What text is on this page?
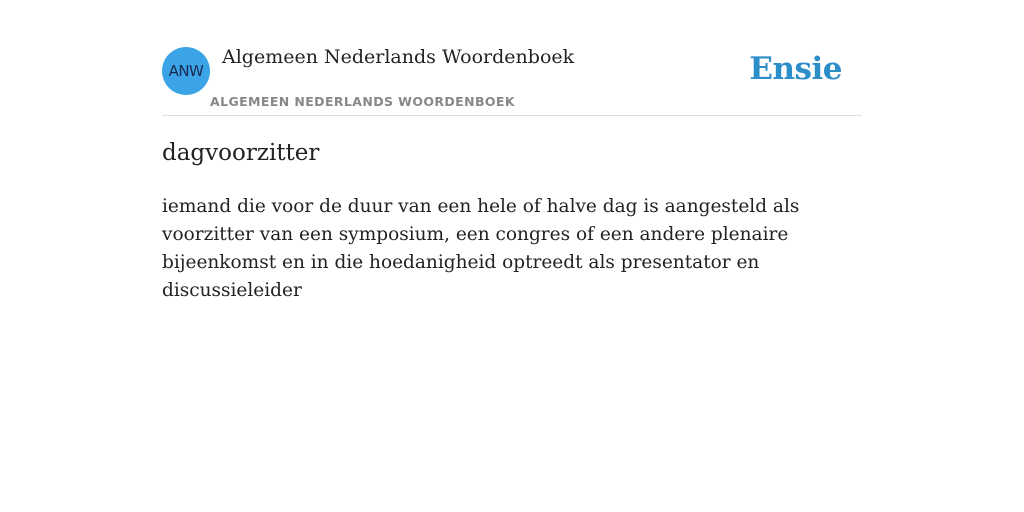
ANW
Algemeen Nederlands Woordenboek
ALGEMEEN NEDERLANDS WOORDENBOEK
Ensie
dagvoorzitter

iemand die voor de duur van een hele of halve dag is aangesteld als voorzitter van een symposium, een congres of een andere plenaire bijeenkomst en in die hoedanigheid optreedt als presentator en discussieleider
